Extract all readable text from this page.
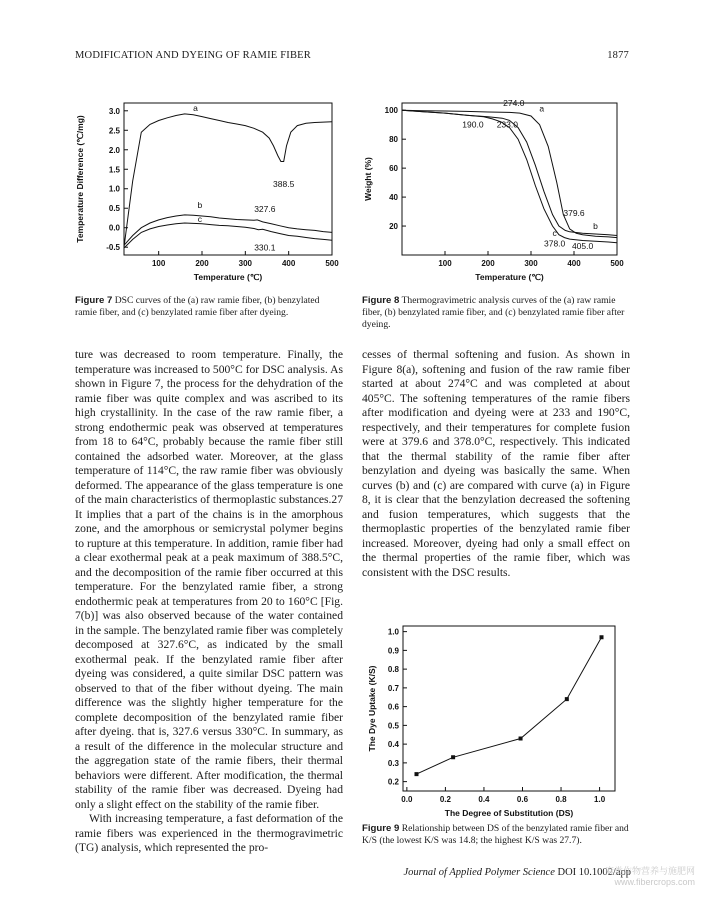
MODIFICATION AND DYEING OF RAMIE FIBER	1877
100	200	300	400	500
-0.5
0.0
0.5
1.0
1.5
2.0
2.5
3.0
Temperature (℃)
Temperature Difference (℃/mg)
a
388.5
b
c
327.6
330.1
Figure 7 DSC curves of the (a) raw ramie fiber, (b) benzylated ramie fiber, and (c) benzylated ramie fiber after dyeing.
100	200	300	400	500
20
40
60
80
100
Temperature (℃)
Weight (%)
274.0
a
190.0 233.0
379.6
b
c
378.0 405.0
Figure 8 Thermogravimetric analysis curves of the (a) raw ramie fiber, (b) benzylated ramie fiber, and (c) benzylated ramie fiber after dyeing.

ture was decreased to room temperature. Finally, the temperature was increased to 500°C for DSC analysis. As shown in Figure 7, the process for the dehydration of the ramie fiber was quite complex and was ascribed to its high crystallinity. In the case of the raw ramie fiber, a strong endothermic peak was observed at temperatures from 18 to 64°C, probably because the ramie fiber still contained the adsorbed water. Moreover, at the glass temperature of 114°C, the raw ramie fiber was obviously deformed. The appearance of the glass temperature is one of the main characteristics of thermoplastic substances.27 It implies that a part of the chains is in the amorphous zone, and the amorphous or semicrystal polymer begins to rupture at this temperature. In addition, ramie fiber had a clear exothermal peak at a peak maximum of 388.5°C, and the decomposition of the ramie fiber occurred at this temperature. For the benzylated ramie fiber, a strong endothermic peak at temperatures from 20 to 160°C [Fig. 7(b)] was also observed because of the water contained in the sample. The benzylated ramie fiber was completely decomposed at 327.6°C, as indicated by the small exothermal peak. If the benzylated ramie fiber after dyeing was considered, a quite similar DSC pattern was observed to that of the fiber without dyeing. The main difference was the slightly higher temperature for the complete decomposition of the benzylated ramie fiber after dyeing. that is, 327.6 versus 330°C. In summary, as a result of the difference in the molecular structure and the aggregation state of the ramie fibers, their thermal behaviors were different. After modification, the thermal stability of the ramie fiber was decreased. Dyeing had only a slight effect on the stability of the ramie fiber.

With increasing temperature, a fast deformation of the ramie fibers was experienced in the thermogravimetric (TG) analysis, which represented the pro-

cesses of thermal softening and fusion. As shown in Figure 8(a), softening and fusion of the raw ramie fiber started at about 274°C and was completed at about 405°C. The softening temperatures of the ramie fibers after modification and dyeing were at 233 and 190°C, respectively, and their temperatures for complete fusion were at 379.6 and 378.0°C, respectively. This indicated that the thermal stability of the ramie fiber after benzylation and dyeing was basically the same. When curves (b) and (c) are compared with curve (a) in Figure 8, it is clear that the benzylation decreased the softening and fusion temperatures, which suggests that the thermoplastic properties of the benzylated ramie fiber increased. Moreover, dyeing had only a small effect on the thermal properties of the ramie fiber, which was consistent with the DSC results.

0.0	0.2	0.4	0.6	0.8	1.0
0.2
0.3
0.4
0.5
0.6
0.7
0.8
0.9
1.0
The Degree of Substitution (DS)
The Dye Uptake (K/S)
Figure 9 Relationship between DS of the benzylated ramie fiber and K/S (the lowest K/S was 14.8; the highest K/S was 27.7).
Journal of Applied Polymer Science DOI 10.1002/app
麻类作物营养与施肥网
www.fibercrops.com
